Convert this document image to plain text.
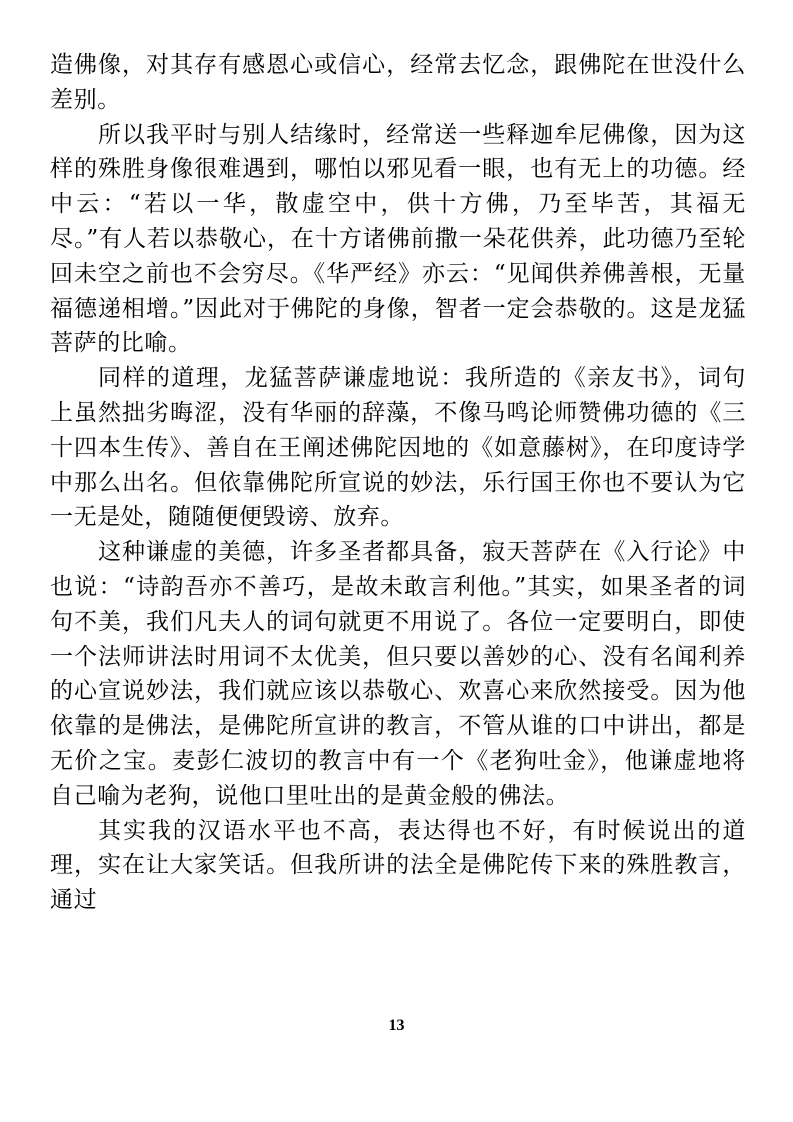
造佛像，对其存有感恩心或信心，经常去忆念，跟佛陀在世没什么差别。

所以我平时与别人结缘时，经常送一些释迦牟尼佛像，因为这样的殊胜身像很难遇到，哪怕以邪见看一眼，也有无上的功德。经中云：“若以一华，散虚空中，供十方佛，乃至毕苦，其福无尽。”有人若以恭敬心，在十方诸佛前撒一朵花供养，此功德乃至轮回未空之前也不会穷尽。《华严经》亦云：“见闻供养佛善根，无量福德递相增。”因此对于佛陀的身像，智者一定会恭敬的。这是龙猛菩萨的比喻。

同样的道理，龙猛菩萨谦虚地说：我所造的《亲友书》，词句上虽然拙劣晦涩，没有华丽的辞藻，不像马鸣论师赞佛功德的《三十四本生传》、善自在王阐述佛陀因地的《如意藤树》，在印度诗学中那么出名。但依靠佛陀所宣说的妙法，乐行国王你也不要认为它一无是处，随随便便毁谤、放弃。

这种谦虚的美德，许多圣者都具备，寂天菩萨在《入行论》中也说：“诗韵吾亦不善巧，是故未敢言利他。”其实，如果圣者的词句不美，我们凡夫人的词句就更不用说了。各位一定要明白，即使一个法师讲法时用词不太优美，但只要以善妙的心、没有名闻利养的心宣说妙法，我们就应该以恭敬心、欢喜心来欣然接受。因为他依靠的是佛法，是佛陀所宣讲的教言，不管从谁的口中讲出，都是无价之宝。麦彭仁波切的教言中有一个《老狗吐金》，他谦虚地将自己喻为老狗，说他口里吐出的是黄金般的佛法。

其实我的汉语水平也不高，表达得也不好，有时候说出的道理，实在让大家笑话。但我所讲的法全是佛陀传下来的殊胜教言，通过

13
